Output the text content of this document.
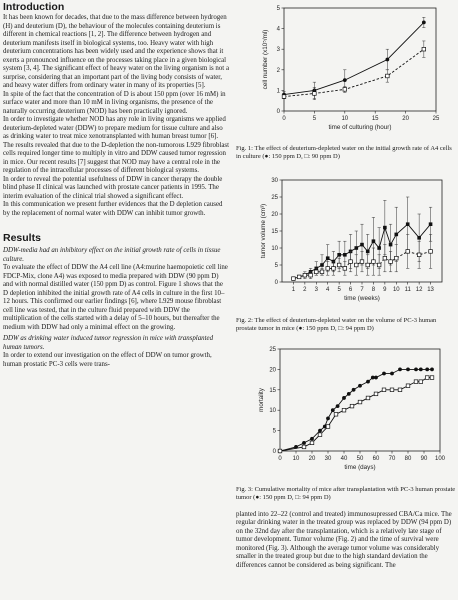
Introduction

It has been known for decades, that due to the mass difference between hydrogen (H) and deuterium (D), the behaviour of the molecules containing deuterium is different in chemical reactions [1, 2]. The difference between hydrogen and deuterium manifests itself in biological systems, too. Heavy water with high deuterium concentrations has been widely used and the experience shows that it exerts a pronounced influence on the processes taking place in a given biological system [3, 4]. The significant effect of heavy water on the living organism is not a surprise, considering that an important part of the living body consists of water, and heavy water differs from ordinary water in many of its properties [5].

In spite of the fact that the concentration of D is about 150 ppm (over 16 mM) in surface water and more than 10 mM in living organisms, the presence of the naturally occurring deuterium (NOD) has been practically ignored.

In order to investigate whether NOD has any role in living organisms we applied deuterium-depleted water (DDW) to prepare medium for tissue culture and also as drinking water to treat mice xenotransplanted with human breast tumor [6]. The results revealed that due to the D-depletion the non-tumorous L929 fibroblast cells required longer time to multiply in vitro and DDW caused tumor regression in mice. Our recent results [7] suggest that NOD may have a central role in the regulation of the intracellular processes of different biological systems.

In order to reveal the potential usefulness of DDW in cancer therapy the double blind phase II clinical was launched with prostate cancer patients in 1995. The interim evaluation of the clinical trial showed a significant effect.

In this communication we present further evidences that the D depletion caused by the replacement of normal water with DDW can inhibit tumor growth.

Results

DDW-media had an inhibitory effect on the initial growth rate of cells in tissue culture.

To evaluate the effect of DDW the A4 cell line (A4:murine haemopoietic cell line FDCP-Mix, clone A4) was exposed to media prepared with DDW (90 ppm D) and with normal distilled water (150 ppm D) as control. Figure 1 shows that the D depletion inhibited the initial growth rate of A4 cells in culture in the first 10–12 hours. This confirmed our earlier findings [6], where L929 mouse fibroblast cell line was tested, that in the culture fluid prepared with DDW the multiplication of the cells started with a delay of 5–10 hours, but thereafter the medium with DDW had only a minimal effect on the growing.

DDW as drinking water induced tumor regression in mice with transplanted human tumors.

In order to extend our investigation on the effect of DDW on tumor growth, human prostatic PC-3 cells were trans-

0	5	10	15	20	25
0
1
2
3
4
5
time of culturing (hour)
cell number (x10⁵/ml)

Fig. 1: The effect of deuterium-depleted water on the initial growth rate of A4 cells in culture (●: 150 ppm D, □: 90 ppm D)

1 2 3 4 5 6 7 8 9 10 11 12 13
0
5
10
15
20
25
30
time (weeks)
tumor volume (cm³)

Fig. 2: The effect of deuterium-depleted water on the volume of PC-3 human prostate tumor in mice (●: 150 ppm D, □: 94 ppm D)

0 10 20 30 40 50 60 70 80 90 100
0
5
10
15
20
25
time (days)
mortality

Fig. 3: Cumulative mortality of mice after transplantation with PC-3 human prostate tumor (●: 150 ppm D, □: 94 ppm D)

planted into 22–22 (control and treated) immunosupressed CBA/Ca mice. The regular drinking water in the treated group was replaced by DDW (94 ppm D) on the 32nd day after the transplantation, which is a relatively late stage of tumor development. Tumor volume (Fig. 2) and the time of survival were monitored (Fig. 3). Although the average tumor volume was considerably smaller in the treated group but due to the high standard deviation the differences cannot be considered as being significant. The
